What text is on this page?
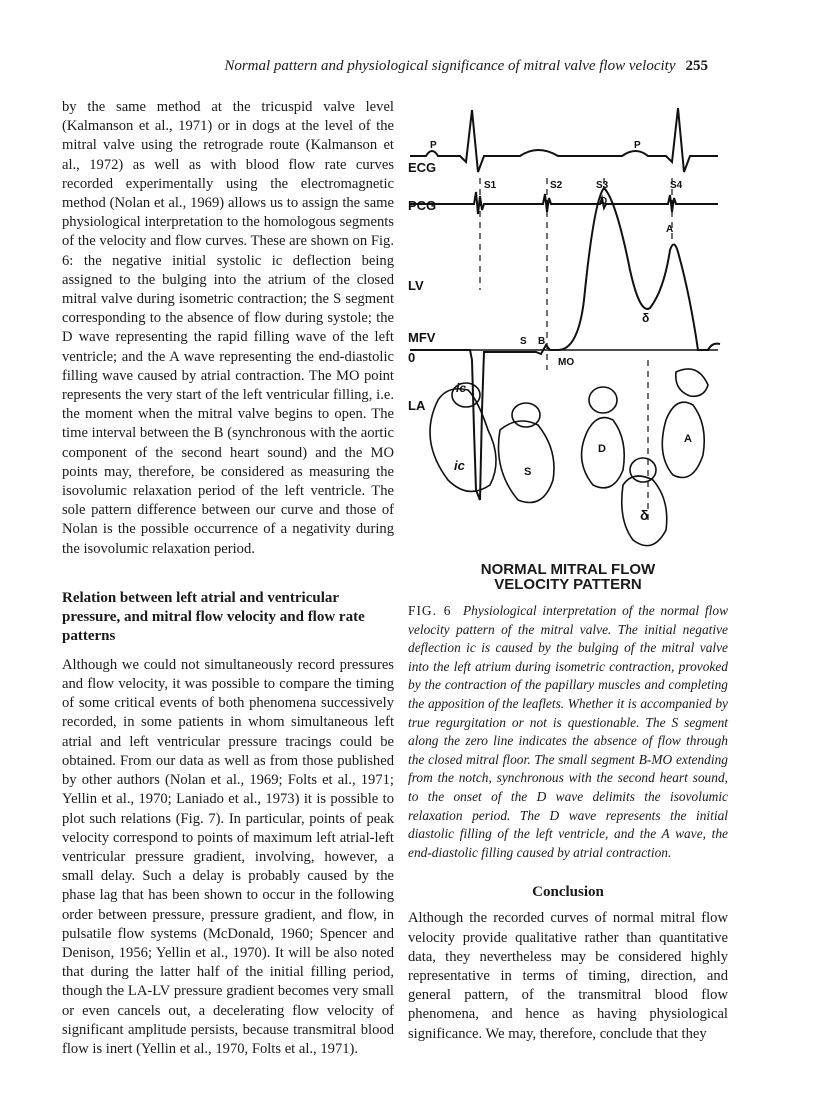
Normal pattern and physiological significance of mitral valve flow velocity 255

by the same method at the tricuspid valve level (Kalmanson et al., 1971) or in dogs at the level of the mitral valve using the retrograde route (Kalmanson et al., 1972) as well as with blood flow rate curves recorded experimentally using the electromagnetic method (Nolan et al., 1969) allows us to assign the same physiological interpretation to the homologous segments of the velocity and flow curves. These are shown on Fig. 6: the negative initial systolic ic deflection being assigned to the bulging into the atrium of the closed mitral valve during isometric contraction; the S segment corresponding to the absence of flow during systole; the D wave representing the rapid filling wave of the left ventricle; and the A wave representing the end-diastolic filling wave caused by atrial contraction. The MO point represents the very start of the left ventricular filling, i.e. the moment when the mitral valve begins to open. The time interval between the B (synchronous with the aortic component of the second heart sound) and the MO points may, therefore, be considered as measuring the isovolumic relaxation period of the left ventricle. The sole pattern difference between our curve and those of Nolan is the possible occurrence of a negativity during the isovolumic relaxation period.

Relation between left atrial and ventricular pressure, and mitral flow velocity and flow rate patterns

Although we could not simultaneously record pressures and flow velocity, it was possible to compare the timing of some critical events of both phenomena successively recorded, in some patients in whom simultaneous left atrial and left ventricular pressure tracings could be obtained. From our data as well as from those published by other authors (Nolan et al., 1969; Folts et al., 1971; Yellin et al., 1970; Laniado et al., 1973) it is possible to plot such relations (Fig. 7). In particular, points of peak velocity correspond to points of maximum left atrial-left ventricular pressure gradient, involving, however, a small delay. Such a delay is probably caused by the phase lag that has been shown to occur in the following order between pressure, pressure gradient, and flow, in pulsatile flow systems (McDonald, 1960; Spencer and Denison, 1956; Yellin et al., 1970). It will be also noted that during the latter half of the initial filling period, though the LA-LV pressure gradient becomes very small or even cancels out, a decelerating flow velocity of significant amplitude persists, because transmitral blood flow is inert (Yellin et al., 1970, Folts et al., 1971).

ECG
PCG
LV
MFV
0
LA
P	P
S1	S2	S3	S4
S B
MO
D
A
δ
ic
ic	S
D
δ
A
NORMAL MITRAL FLOW
VELOCITY PATTERN
FIG. 6 Physiological interpretation of the normal flow velocity pattern of the mitral valve. The initial negative deflection ic is caused by the bulging of the mitral valve into the left atrium during isometric contraction, provoked by the contraction of the papillary muscles and completing the apposition of the leaflets. Whether it is accompanied by true regurgitation or not is questionable. The S segment along the zero line indicates the absence of flow through the closed mitral floor. The small segment B-MO extending from the notch, synchronous with the second heart sound, to the onset of the D wave delimits the isovolumic relaxation period. The D wave represents the initial diastolic filling of the left ventricle, and the A wave, the end-diastolic filling caused by atrial contraction.
Conclusion

Although the recorded curves of normal mitral flow velocity provide qualitative rather than quantitative data, they nevertheless may be considered highly representative in terms of timing, direction, and general pattern, of the transmitral blood flow phenomena, and hence as having physiological significance. We may, therefore, conclude that they
